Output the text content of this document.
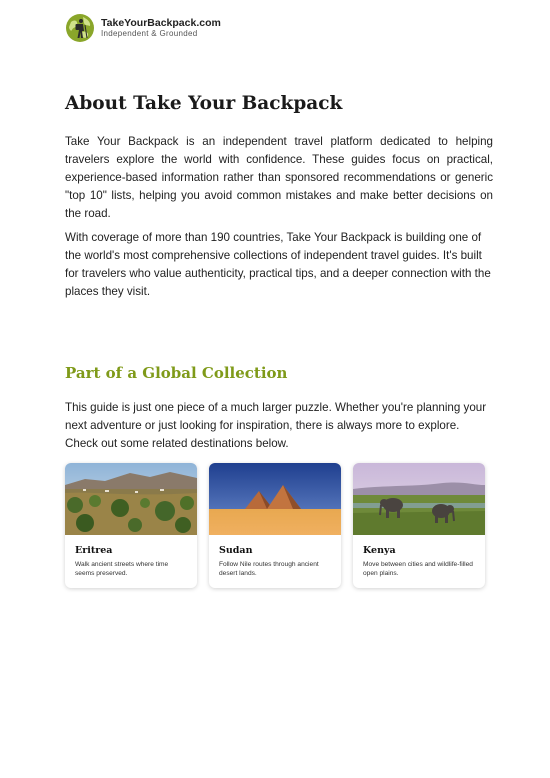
TakeYourBackpack.com
Independent & Grounded
About Take Your Backpack

Take Your Backpack is an independent travel platform dedicated to helping travelers explore the world with confidence. These guides focus on practical, experience-based information rather than sponsored recommendations or generic "top 10" lists, helping you avoid common mistakes and make better decisions on the road.

With coverage of more than 190 countries, Take Your Backpack is building one of the world's most comprehensive collections of independent travel guides. It's built for travelers who value authenticity, practical tips, and a deeper connection with the places they visit.

Part of a Global Collection

This guide is just one piece of a much larger puzzle. Whether you're planning your next adventure or just looking for inspiration, there is always more to explore. Check out some related destinations below.

Eritrea
Walk ancient streets where time seems preserved.
Sudan
Follow Nile routes through ancient desert lands.
Kenya
Move between cities and wildlife-filled open plains.
